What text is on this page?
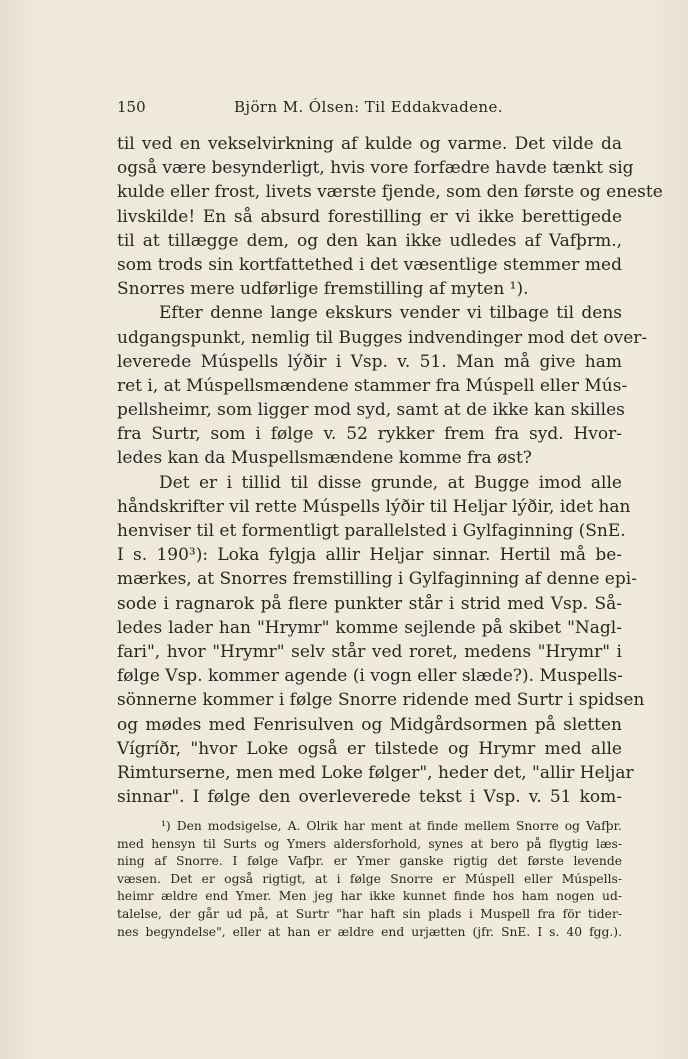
150	Björn M. Ólsen: Til Eddakvadene.
til ved en vekselvirkning af kulde og varme. Det vilde da
også være besynderligt, hvis vore forfædre havde tænkt sig
kulde eller frost, livets værste fjende, som den første og eneste
livskilde! En så absurd forestilling er vi ikke berettigede
til at tillægge dem, og den kan ikke udledes af Vafþrm.,
som trods sin kortfattethed i det væsentlige stemmer med
Snorres mere udførlige fremstilling af myten ¹).
Efter denne lange ekskurs vender vi tilbage til dens
udgangspunkt, nemlig til Bugges indvendinger mod det over-
leverede Múspells lýðir i Vsp. v. 51. Man må give ham
ret i, at Múspellsmændene stammer fra Múspell eller Mús-
pellsheimr, som ligger mod syd, samt at de ikke kan skilles
fra Surtr, som i følge v. 52 rykker frem fra syd. Hvor-
ledes kan da Muspellsmændene komme fra øst?
Det er i tillid til disse grunde, at Bugge imod alle
håndskrifter vil rette Múspells lýðir til Heljar lýðir, idet han
henviser til et formentligt parallelsted i Gylfaginning (SnE.
I s. 190³): Loka fylgja allir Heljar sinnar. Hertil må be-
mærkes, at Snorres fremstilling i Gylfaginning af denne epi-
sode i ragnarok på flere punkter står i strid med Vsp. Så-
ledes lader han "Hrymr" komme sejlende på skibet "Nagl-
fari", hvor "Hrymr" selv står ved roret, medens "Hrymr" i
følge Vsp. kommer agende (i vogn eller slæde?). Muspells-
sönnerne kommer i følge Snorre ridende med Surtr i spidsen
og mødes med Fenrisulven og Midgårdsormen på sletten
Vígríðr, "hvor Loke også er tilstede og Hrymr med alle
Rimturserne, men med Loke følger", heder det, "allir Heljar
sinnar". I følge den overleverede tekst i Vsp. v. 51 kom-
¹) Den modsigelse, A. Olrik har ment at finde mellem Snorre og Vafþr.
med hensyn til Surts og Ymers aldersforhold, synes at bero på flygtig læs-
ning af Snorre. I følge Vafþr. er Ymer ganske rigtig det første levende
væsen. Det er også rigtigt, at i følge Snorre er Múspell eller Múspells-
heimr ældre end Ymer. Men jeg har ikke kunnet finde hos ham nogen ud-
talelse, der går ud på, at Surtr "har haft sin plads i Muspell fra för tider-
nes begyndelse", eller at han er ældre end urjætten (jfr. SnE. I s. 40 fgg.).
